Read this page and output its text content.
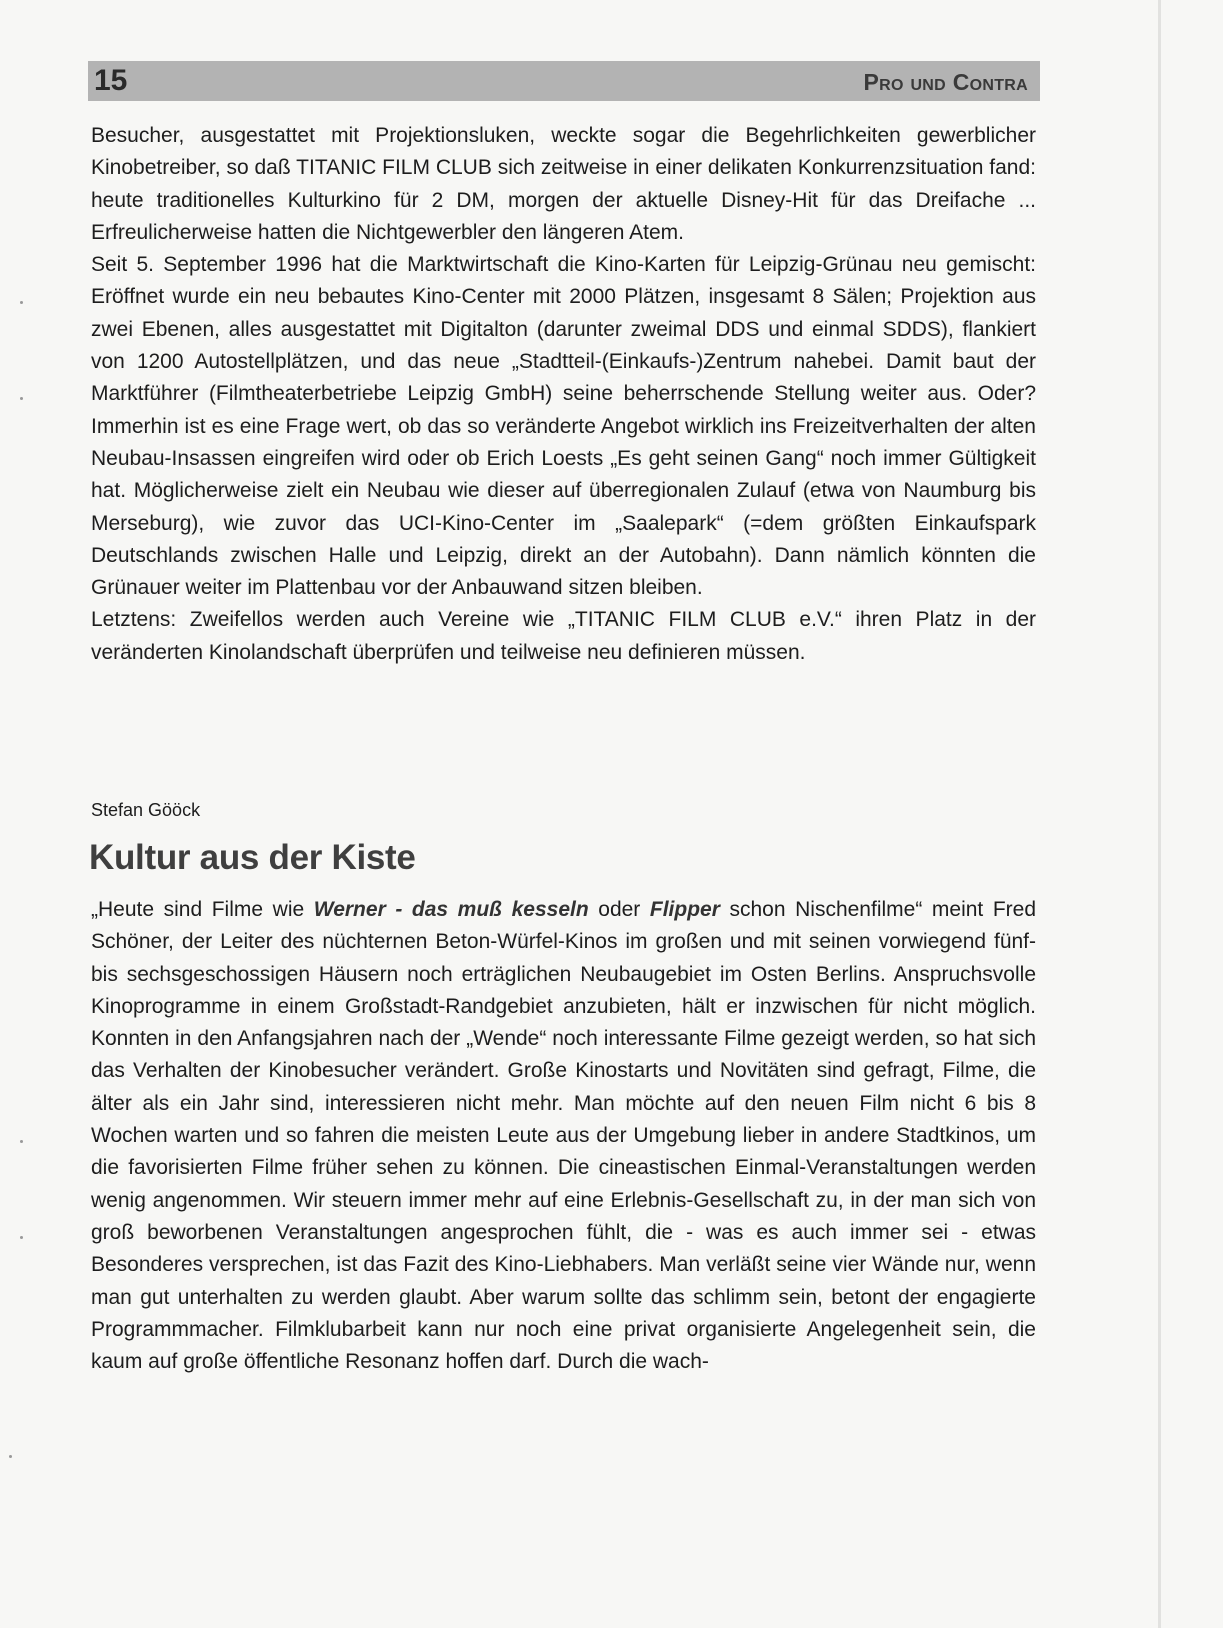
15	Pro und Contra

Besucher, ausgestattet mit Projektionsluken, weckte sogar die Begehrlichkeiten gewerblicher Kinobetreiber, so daß TITANIC FILM CLUB sich zeitweise in einer delikaten Konkurrenzsituation fand: heute traditionelles Kulturkino für 2 DM, morgen der aktuelle Disney-Hit für das Dreifache ... Erfreulicherweise hatten die Nichtgewerbler den längeren Atem.

Seit 5. September 1996 hat die Marktwirtschaft die Kino-Karten für Leipzig-Grünau neu gemischt: Eröffnet wurde ein neu bebautes Kino-Center mit 2000 Plätzen, insgesamt 8 Sälen; Projektion aus zwei Ebenen, alles ausgestattet mit Digitalton (darunter zweimal DDS und einmal SDDS), flankiert von 1200 Autostellplätzen, und das neue „Stadtteil-(Einkaufs-)Zentrum nahebei. Damit baut der Marktführer (Filmtheaterbetriebe Leipzig GmbH) seine beherrschende Stellung weiter aus. Oder? Immerhin ist es eine Frage wert, ob das so veränderte Angebot wirklich ins Freizeitverhalten der alten Neubau-Insassen eingreifen wird oder ob Erich Loests „Es geht seinen Gang“ noch immer Gültigkeit hat. Möglicherweise zielt ein Neubau wie dieser auf überregionalen Zulauf (etwa von Naumburg bis Merseburg), wie zuvor das UCI-Kino-Center im „Saalepark“ (=dem größten Einkaufspark Deutschlands zwischen Halle und Leipzig, direkt an der Autobahn). Dann nämlich könnten die Grünauer weiter im Plattenbau vor der Anbauwand sitzen bleiben.

Letztens: Zweifellos werden auch Vereine wie „TITANIC FILM CLUB e.V.“ ihren Platz in der veränderten Kinolandschaft überprüfen und teilweise neu definieren müssen.

Stefan Gööck
Kultur aus der Kiste

„Heute sind Filme wie Werner - das muß kesseln oder Flipper schon Nischenfilme“ meint Fred Schöner, der Leiter des nüchternen Beton-Würfel-Kinos im großen und mit seinen vorwiegend fünf- bis sechsgeschossigen Häusern noch erträglichen Neubaugebiet im Osten Berlins. Anspruchsvolle Kinoprogramme in einem Großstadt-Randgebiet anzubieten, hält er inzwischen für nicht möglich. Konnten in den Anfangsjahren nach der „Wende“ noch interessante Filme gezeigt werden, so hat sich das Verhalten der Kinobesucher verändert. Große Kinostarts und Novitäten sind gefragt, Filme, die älter als ein Jahr sind, interessieren nicht mehr. Man möchte auf den neuen Film nicht 6 bis 8 Wochen warten und so fahren die meisten Leute aus der Umgebung lieber in andere Stadtkinos, um die favorisierten Filme früher sehen zu können. Die cineastischen Einmal-Veranstaltungen werden wenig angenommen. Wir steuern immer mehr auf eine Erlebnis-Gesellschaft zu, in der man sich von groß beworbenen Veranstaltungen angesprochen fühlt, die - was es auch immer sei - etwas Besonderes versprechen, ist das Fazit des Kino-Liebhabers. Man verläßt seine vier Wände nur, wenn man gut unterhalten zu werden glaubt. Aber warum sollte das schlimm sein, betont der engagierte Programmmacher. Filmklubarbeit kann nur noch eine privat organisierte Angelegenheit sein, die kaum auf große öffentliche Resonanz hoffen darf. Durch die wach-
